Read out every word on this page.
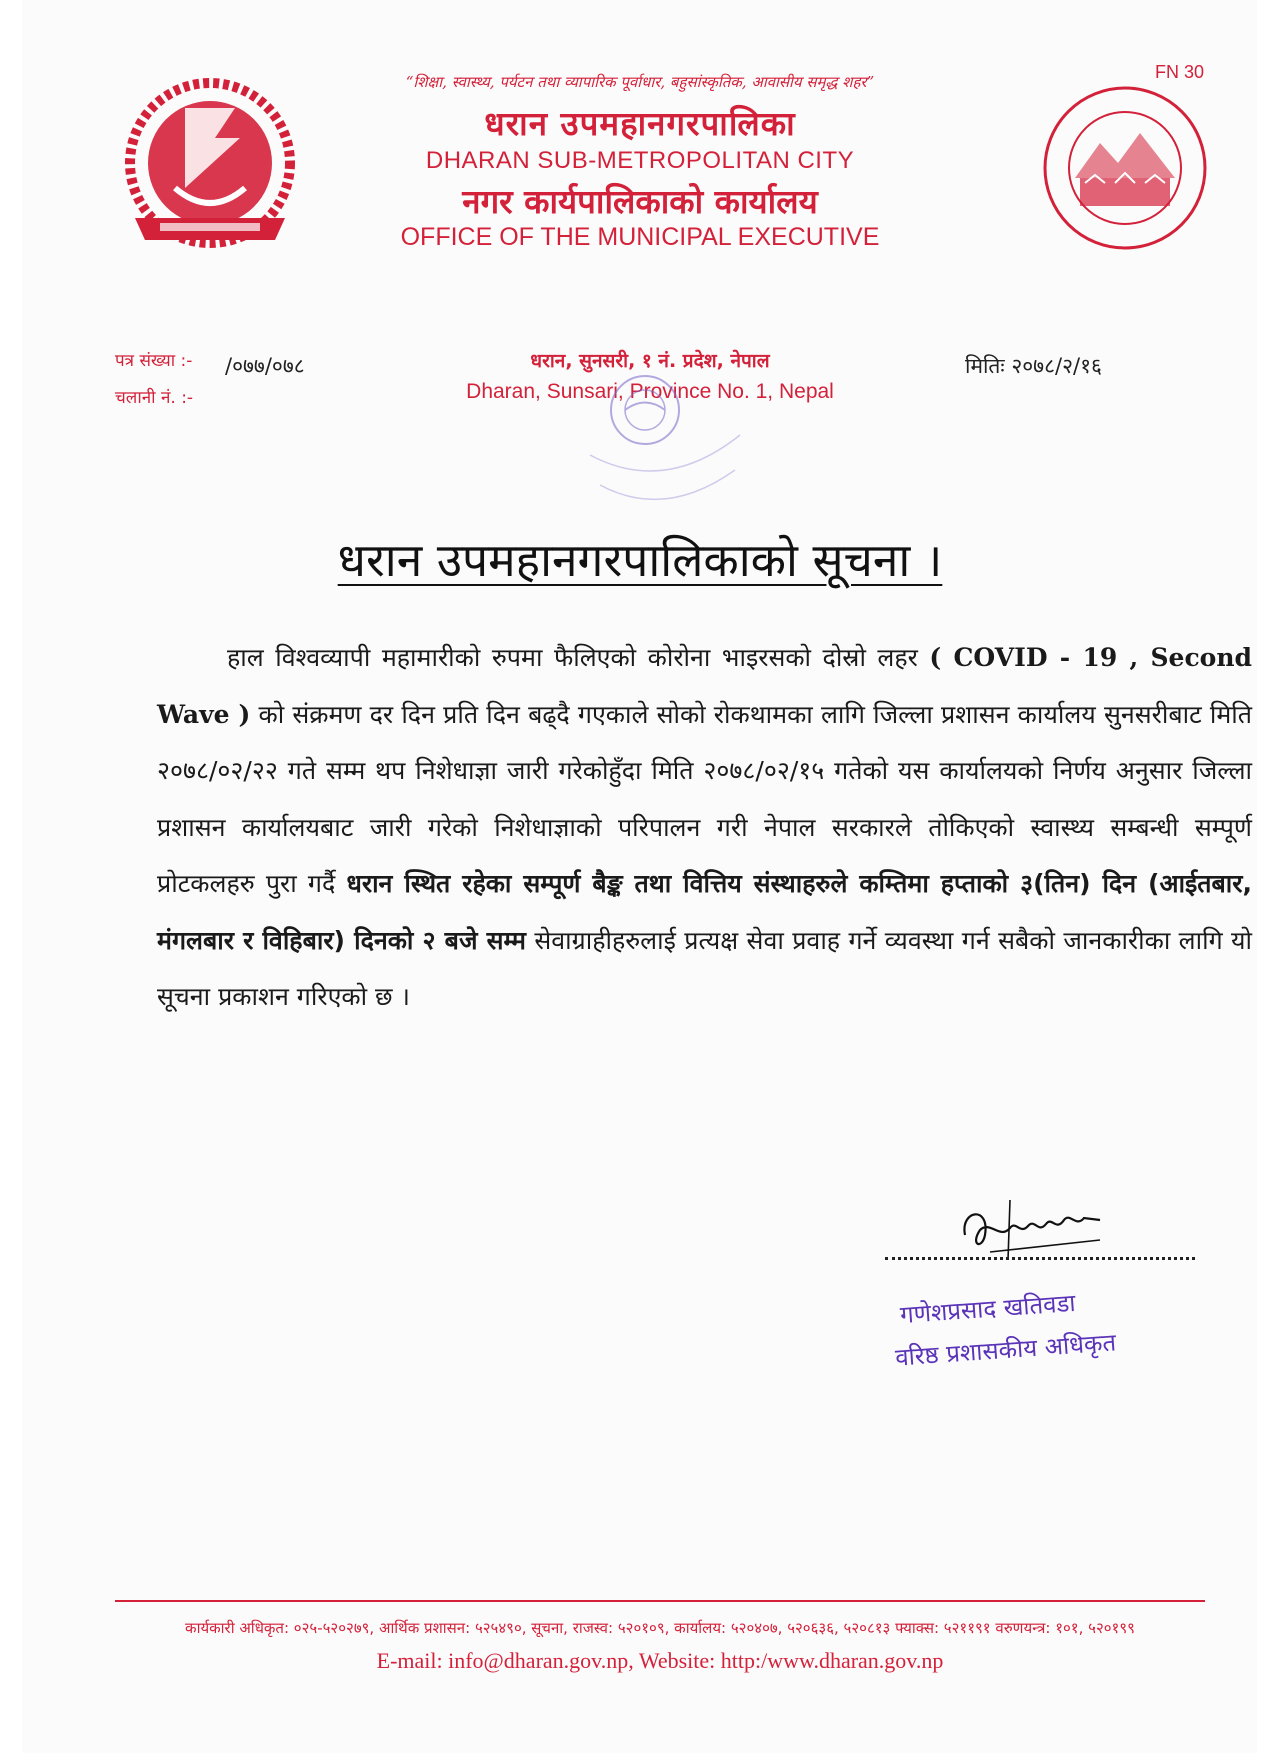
FN 30
“शिक्षा, स्वास्थ्य, पर्यटन तथा व्यापारिक पूर्वाधार, बहुसांस्कृतिक, आवासीय समृद्ध शहर”
धरान उपमहानगरपालिका
DHARAN SUB-METROPOLITAN CITY
नगर कार्यपालिकाको कार्यालय
OFFICE OF THE MUNICIPAL EXECUTIVE
पत्र संख्या :- /०७७/०७८
चलानी नं. :-
धरान, सुनसरी, १ नं. प्रदेश, नेपाल
Dharan, Sunsari, Province No. 1, Nepal
मितिः २०७८/२/१६
धरान उपमहानगरपालिकाको सूचना ।
हाल विश्वव्यापी महामारीको रुपमा फैलिएको कोरोना भाइरसको दोस्रो लहर ( COVID - 19 , Second Wave ) को संक्रमण दर दिन प्रति दिन बढ्दै गएकाले सोको रोकथामका लागि जिल्ला प्रशासन कार्यालय सुनसरीबाट मिति २०७८/०२/२२ गते सम्म थप निशेधाज्ञा जारी गरेकोहुँदा मिति २०७८/०२/१५ गतेको यस कार्यालयको निर्णय अनुसार जिल्ला प्रशासन कार्यालयबाट जारी गरेको निशेधाज्ञाको परिपालन गरी नेपाल सरकारले तोकिएको स्वास्थ्य सम्बन्धी सम्पूर्ण प्रोटकलहरु पुरा गर्दै धरान स्थित रहेका सम्पूर्ण बैङ्क तथा वित्तिय संस्थाहरुले कम्तिमा हप्ताको ३(तिन) दिन (आईतबार, मंगलबार र विहिबार) दिनको २ बजे सम्म सेवाग्राहीहरुलाई प्रत्यक्ष सेवा प्रवाह गर्ने व्यवस्था गर्न सबैको जानकारीका लागि यो सूचना प्रकाशन गरिएको छ ।
गणेशप्रसाद खतिवडा
वरिष्ठ प्रशासकीय अधिकृत
कार्यकारी अधिकृत: ०२५-५२०२७९, आर्थिक प्रशासन: ५२५४९०, सूचना, राजस्व: ५२०१०९, कार्यालय: ५२०४०७, ५२०६३६, ५२०८१३ फ्याक्स: ५२११९१ वरुणयन्त्र: १०१, ५२०१९९
E-mail: info@dharan.gov.np, Website: http:/www.dharan.gov.np
